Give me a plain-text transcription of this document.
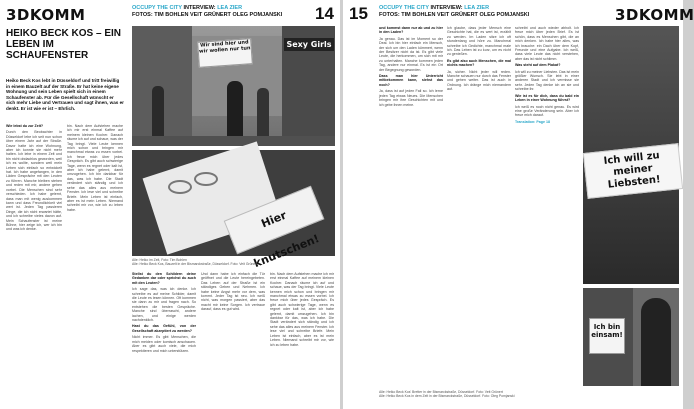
3DKOMM	OCCUPY THE CITY INTERVIEW: LEA ZIER
FOTOS: TIM BOHLEN VEIT GRÜNERT OLEG POMJANSKI 14
HEIKO BECK KOS – EIN LEBEN IM SCHAUFENSTER
Heiko Beck Kos lebt in Düsseldorf und tritt freiwillig in einem Bauzelt auf der Straße. Er hat keine eigene Wohnung und sein Leben spielt sich in einem Schaufenster ab. Für die Gesellschaft wünscht er sich mehr Liebe und Vertrauen und sagt ihnen, was er denkt. Er ist wie er ist – Ehrlich.

Wie lebst du zur Zeit?

Durch den Beobachter in Düsseldorf lebe ich seit nun schon über einem Jahr auf der Straße. Davor hatte ich eine Wohnung, aber ich konnte sie nicht mehr halten. Ich lebe in einem Zelt und bin nicht obdachlos geworden, weil ich es wollte, sondern weil mein Leben sich einfach so entwickelt hat. Ich habe angefangen, in den Läden Gespräche mit den Leuten zu führen. Manche bleiben stehen und reden mit mir, andere gehen vorbei. Die Menschen sind sehr verschieden. Ich habe gelernt, dass man mit wenig auskommen kann und dass Freundlichkeit viel wert ist. Jeden Tag passieren Dinge, die ich nicht erwartet hätte, und ich schreibe vieles davon auf. Mein Schaufenster ist meine Bühne, hier zeige ich, wer ich bin und was ich denke.

bin. Nach dem Aufstehen mache ich mir erst einmal Kaffee auf meinem kleinen Kocher. Danach räume ich auf und schaue, was der Tag bringt. Viele Leute kennen mich schon und bringen mir manchmal etwas zu essen vorbei. Ich freue mich über jedes Gespräch. Es gibt auch schwierige Tage, wenn es regnet oder kalt ist, aber ich habe gelernt, damit umzugehen. Ich bin dankbar für das, was ich habe. Die Stadt verändert sich ständig und ich sehe das alles aus meinem Fenster. Ich lese viel und schreibe Briefe. Mein Leben ist einfach, aber es ist mein Leben. Niemand schreibt mir vor, wie ich zu leben habe.

Wir sind hier und wir wollen nur tun
Sexy Girls
Hier knutschen!
Alle: Heiko im Zelt, Foto: Tim Bohlen
Alle: Heiko Beck Kos, Bauzelt in der Bismarckstraße, Düsseldorf. Foto: Veit Grünert

Stellst du den Schildern deine Gedanken dar oder sprichst du auch mit den Leuten?

Ich sage das, was ich denke. Ich schreibe es auf meine Schilder, damit die Leute es lesen können. Oft kommen sie dann zu mir und fragen nach. So entstehen die besten Gespräche. Manche sind überrascht, andere lachen, und einige werden nachdenklich.

Hast du das Gefühl, von der Gesellschaft akzeptiert zu werden?

Nicht immer. Es gibt Menschen, die mich meiden oder komisch anschauen. Aber es gibt auch viele, die mich respektieren und mich unterstützen.

Und dann habe ich einfach die Tür geöffnet und die Leute hereingebeten. Das Leben auf der Straße ist ein ständiges Geben und Nehmen. Ich habe keine Angst mehr vor dem, was kommt. Jeder Tag ist neu. Ich weiß nicht, was morgen passiert, aber das macht mir keine Sorgen. Ich vertraue darauf, dass es gut wird.

bin. Nach dem Aufstehen mache ich mir erst einmal Kaffee auf meinem kleinen Kocher. Danach räume ich auf und schaue, was der Tag bringt. Viele Leute kennen mich schon und bringen mir manchmal etwas zu essen vorbei. Ich freue mich über jedes Gespräch. Es gibt auch schwierige Tage, wenn es regnet oder kalt ist, aber ich habe gelernt, damit umzugehen. Ich bin dankbar für das, was ich habe. Die Stadt verändert sich ständig und ich sehe das alles aus meinem Fenster. Ich lese viel und schreibe Briefe. Mein Leben ist einfach, aber es ist mein Leben. Niemand schreibt mir vor, wie ich zu leben habe.

15 OCCUPY THE CITY INTERVIEW: LEA ZIER
FOTOS: TIM BOHLEN VEIT GRÜNERT OLEG POMJANSKI	3DKOMM

und kommst dann nur ab und zu hier in den Laden?

Ja genau. Das ist im Moment so der Deal. Ich bin hier einfach ein Mensch, der sich um den Laden kümmert, wenn der Besitzer nicht da ist. Es gibt viele Leute, die herkommen, um sich mit mir zu unterhalten. Manche kommen jeden Tag, andere nur einmal. Es ist ein Ort der Begegnung geworden.

Dass man hier Unterricht mitbekommen kann, siehst das noch?

Ja, dass ist auf jeden Fall so. Ich lerne jeden Tag etwas Neues. Die Menschen bringen mir ihre Geschichten mit und ich gebe ihnen meine.

Ich glaube, dass jeder Mensch eine Geschichte hat, die es wert ist, erzählt zu werden. Im Laden sitze ich oft stundenlang und höre zu. Manchmal schreibe ich Gedichte, manchmal male ich. Das Leben ist zu kurz, um es nicht zu genießen.

Es gibt also auch Menschen, die mal nichts machen?

Ja, sicher. Nicht jeder will reden. Manche schauen nur durch das Fenster und gehen weiter. Das ist auch in Ordnung. Ich dränge mich niemandem auf.

schreibt und auch wieder abholt. Ich freue mich über jeden Brief. Es ist schön, dass es Menschen gibt, die an mich denken. Ich habe hier alles, was ich brauche: ein Dach über dem Kopf, Freunde und eine Aufgabe. Ich weiß, dass viele Leute das nicht verstehen, aber das ist nicht schlimm.

Was steht auf dem Plakat?

Ich will zu meiner Liebsten. Das ist mein größter Wunsch. Sie lebt in einer anderen Stadt und ich vermisse sie sehr. Jeden Tag denke ich an sie und schreibe ihr.

Wie ist es für dich, dass du bald ein Leben in einer Wohnung führst?

Ich weiß es noch nicht genau. Es wird eine große Veränderung sein. Aber ich freue mich darauf.

Translation: Page 18

Ich will zu meiner Liebsten!
Ich bin einsam!
Alle: Heiko Beck Kos' Bretter in der Bismarckstraße, Düsseldorf. Foto: Veit Grünert
Alle: Heiko Beck Kos in dem Zelt in der Bismarckstraße, Düsseldorf. Foto: Oleg Pomjanski
